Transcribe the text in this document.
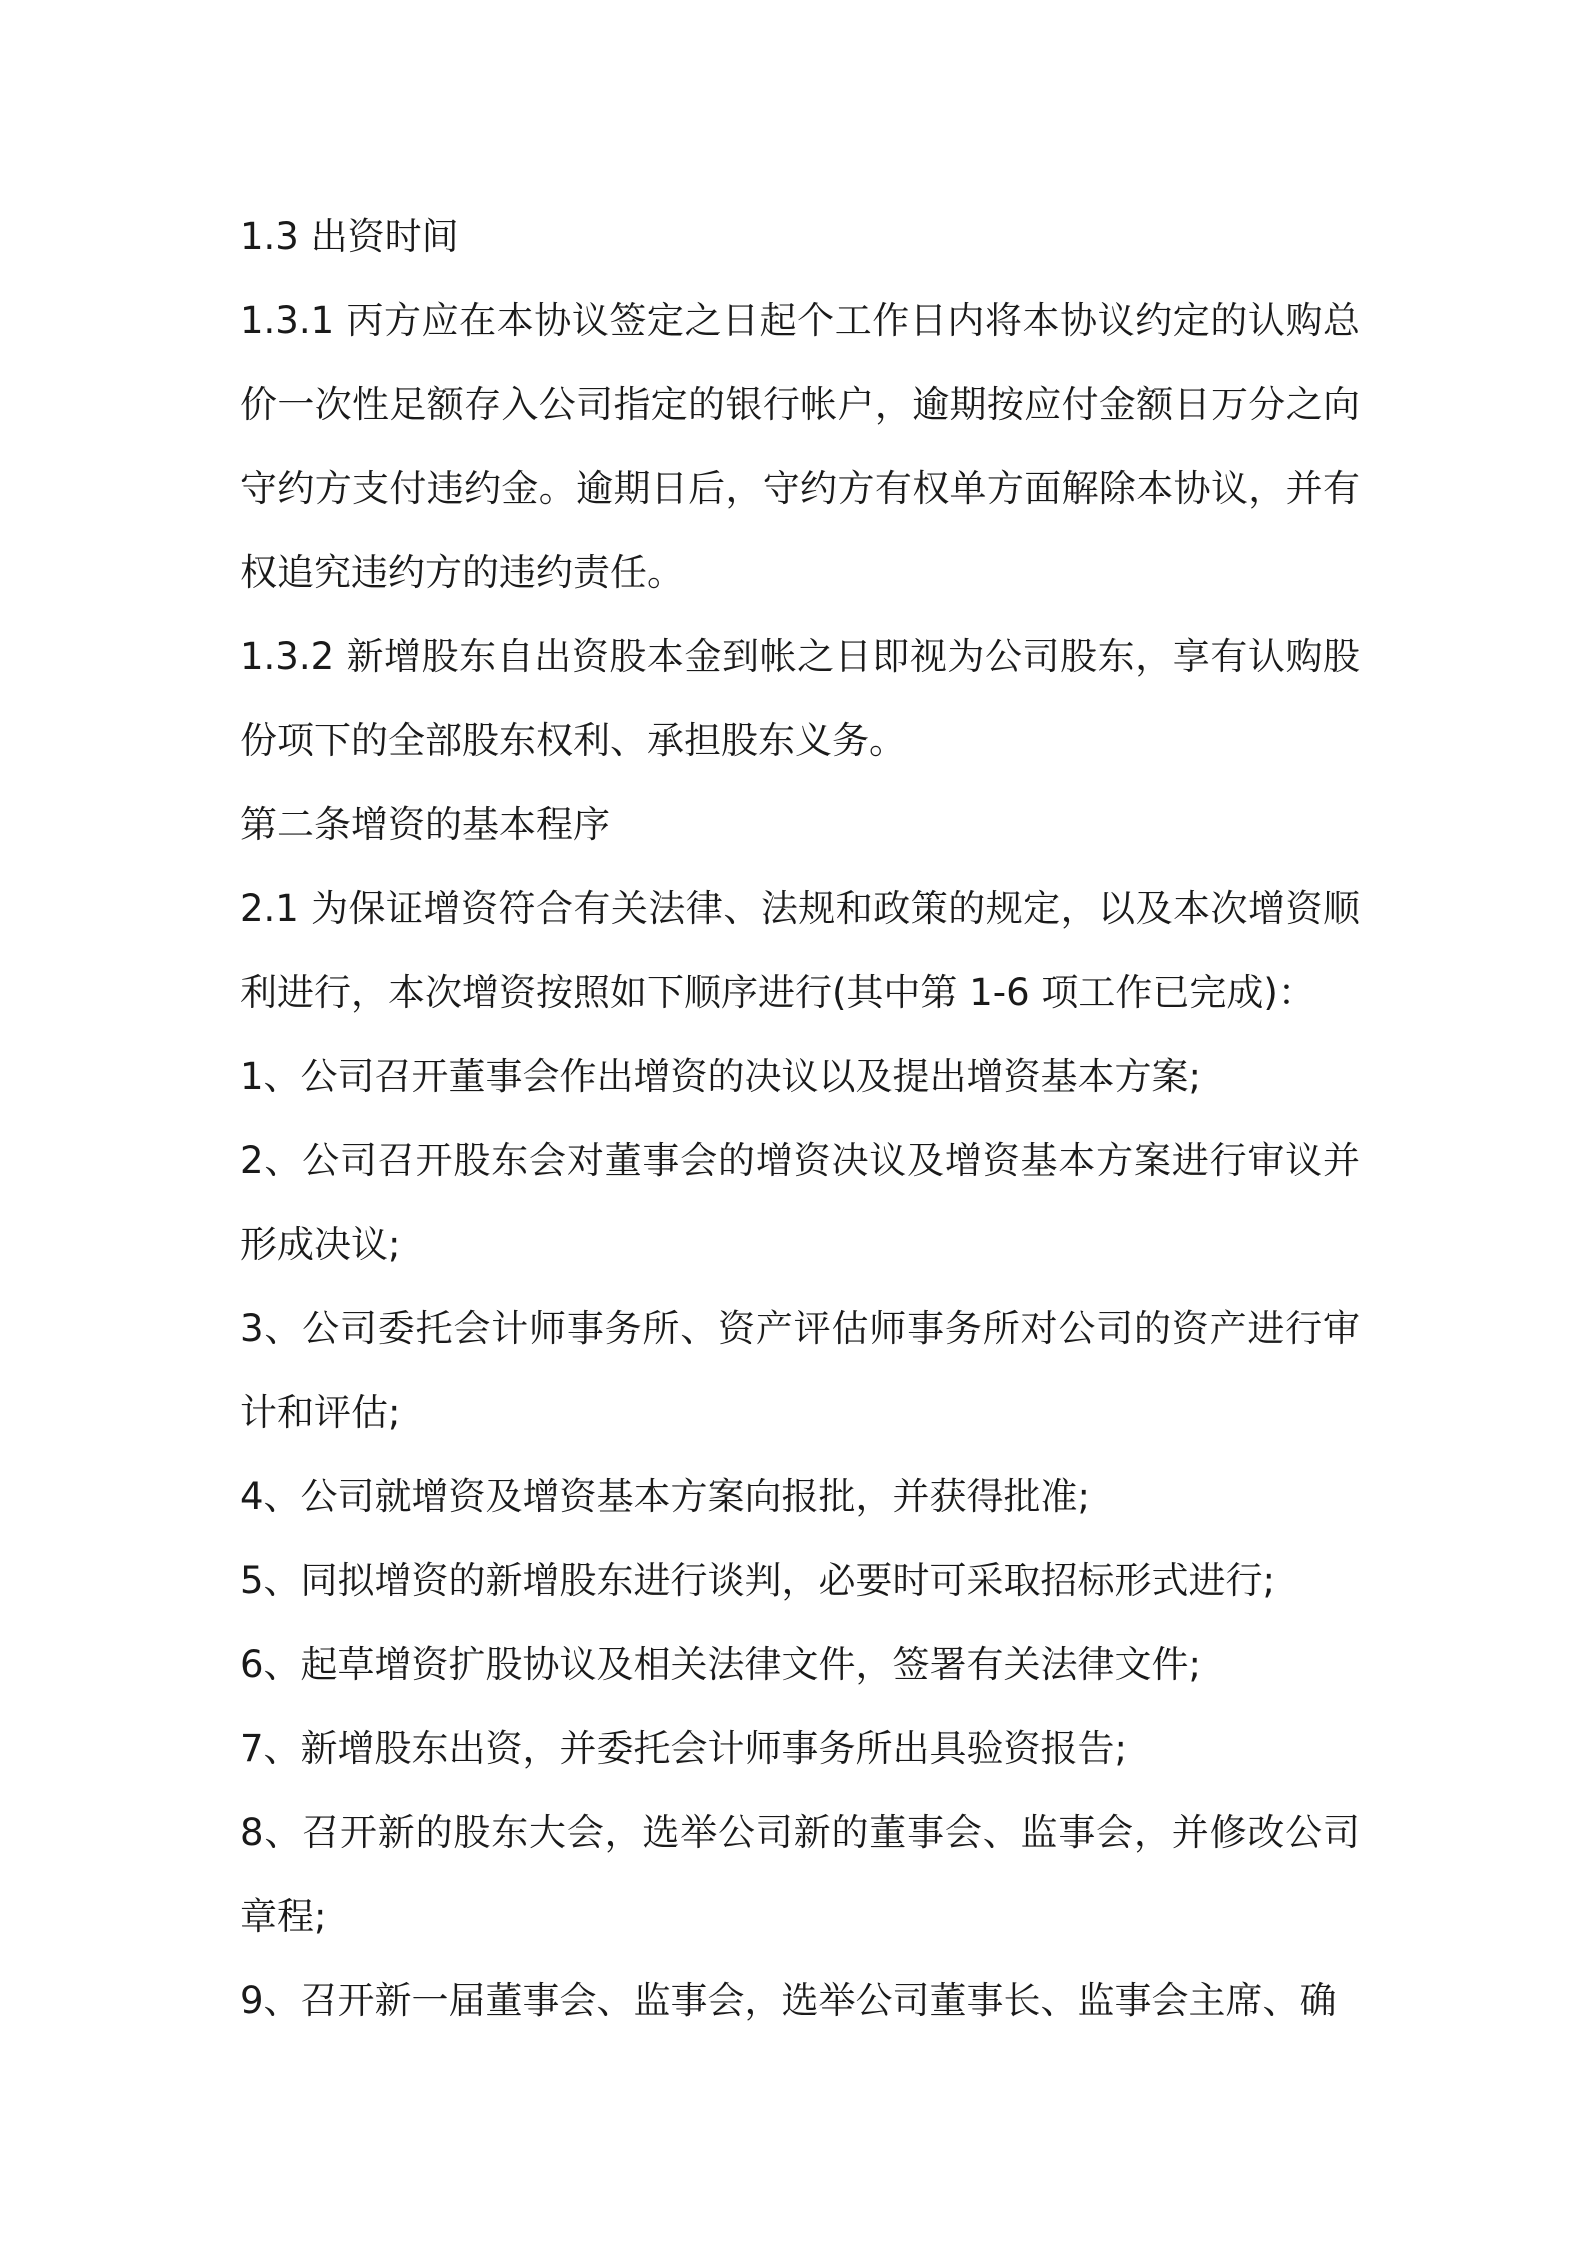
1.3 出资时间

1.3.1 丙方应在本协议签定之日起个工作日内将本协议约定的认购总价一次性足额存入公司指定的银行帐户，逾期按应付金额日万分之向守约方支付违约金。逾期日后，守约方有权单方面解除本协议，并有权追究违约方的违约责任。

1.3.2 新增股东自出资股本金到帐之日即视为公司股东，享有认购股份项下的全部股东权利、承担股东义务。

第二条增资的基本程序

2.1 为保证增资符合有关法律、法规和政策的规定，以及本次增资顺利进行，本次增资按照如下顺序进行(其中第 1-6 项工作已完成)：

1、公司召开董事会作出增资的决议以及提出增资基本方案;

2、公司召开股东会对董事会的增资决议及增资基本方案进行审议并形成决议;

3、公司委托会计师事务所、资产评估师事务所对公司的资产进行审计和评估;

4、公司就增资及增资基本方案向报批，并获得批准;

5、同拟增资的新增股东进行谈判，必要时可采取招标形式进行;

6、起草增资扩股协议及相关法律文件，签署有关法律文件;

7、新增股东出资，并委托会计师事务所出具验资报告;

8、召开新的股东大会，选举公司新的董事会、监事会，并修改公司章程;

9、召开新一届董事会、监事会，选举公司董事长、监事会主席、确
